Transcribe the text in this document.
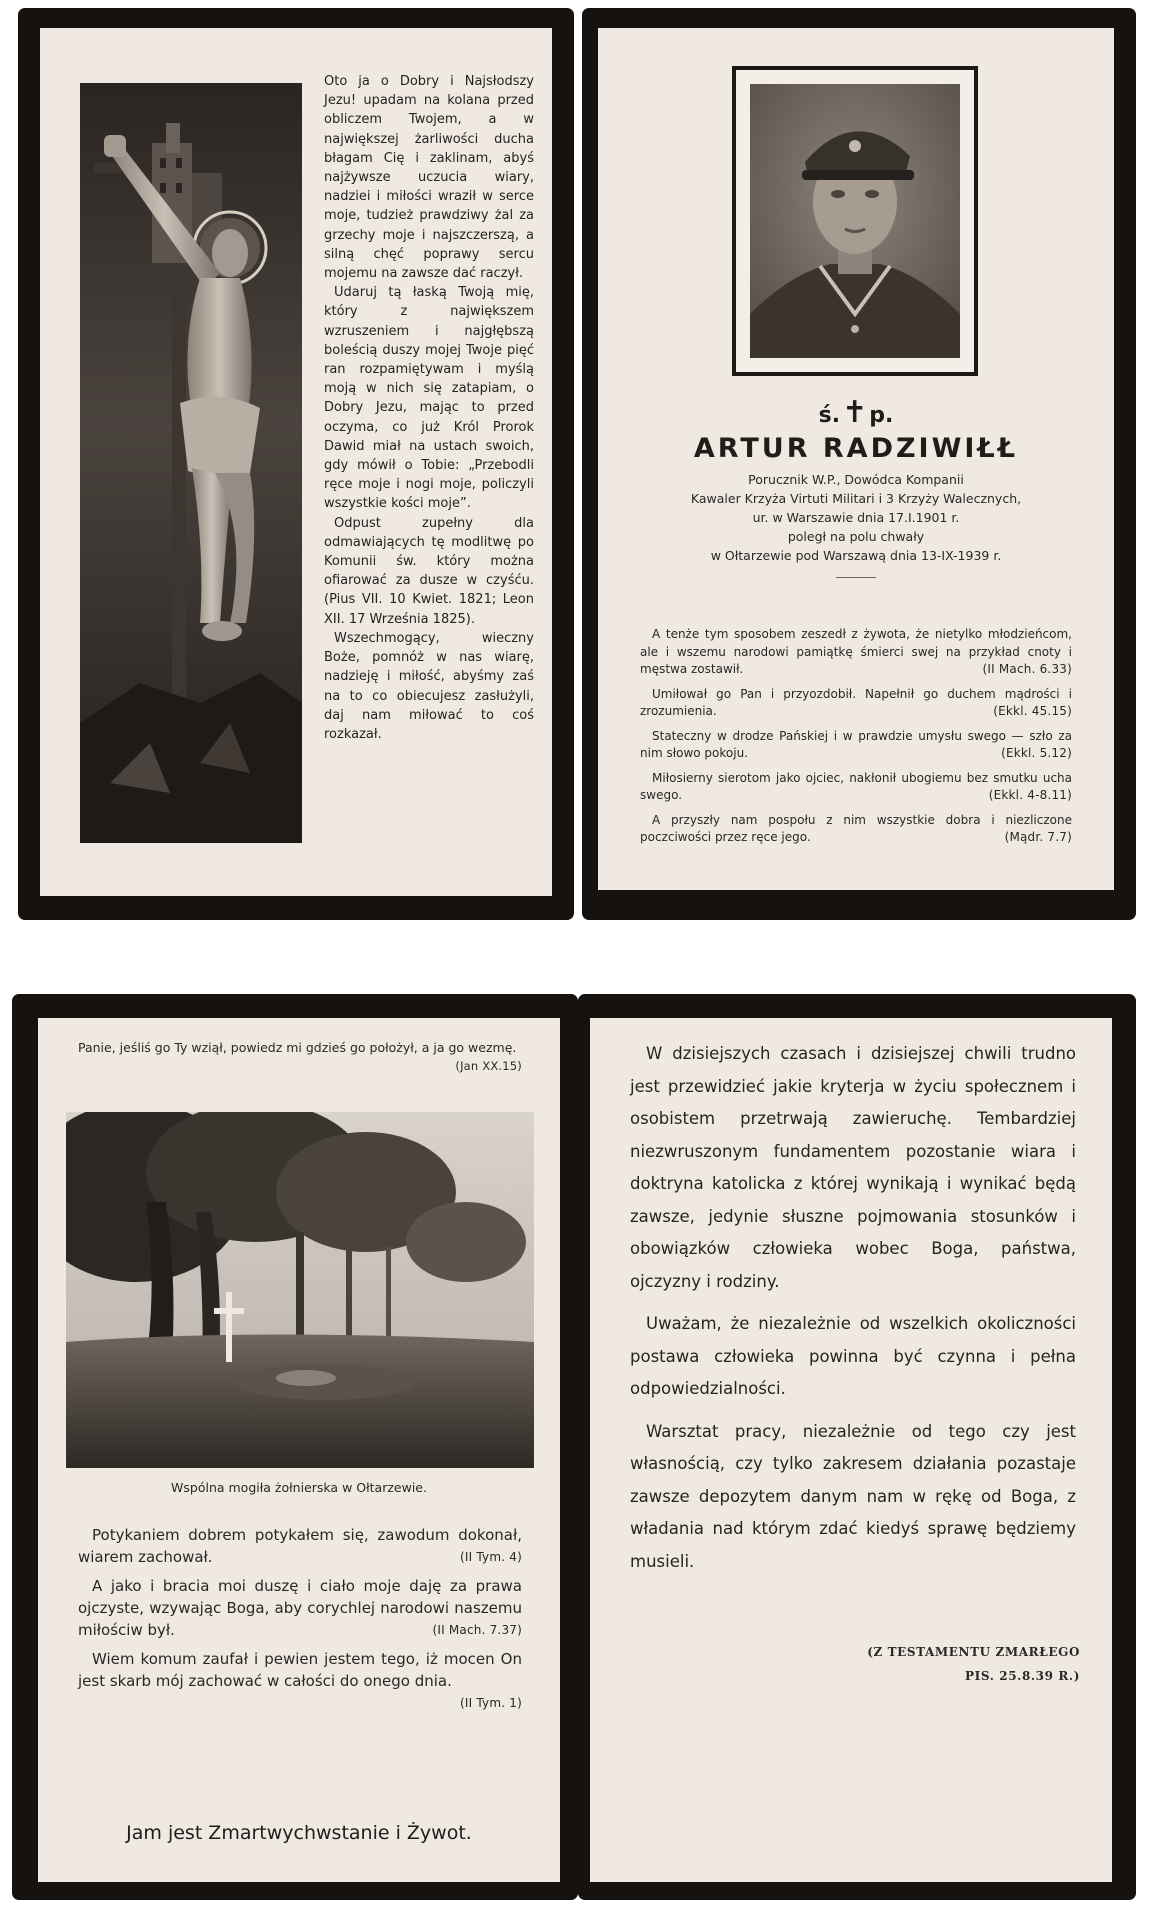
Oto ja o Dobry i Najsłodszy Jezu! upadam na kolana przed obliczem Twojem, a w największej żarliwości ducha błagam Cię i zaklinam, abyś najżywsze uczucia wiary, nadziei i miłości wraził w serce moje, tudzież prawdziwy żal za grzechy moje i najszczerszą, a silną chęć poprawy sercu mojemu na zawsze dać raczył.

Udaruj tą łaską Twoją mię, który z największem wzruszeniem i najgłębszą boleścią duszy mojej Twoje pięć ran rozpamiętywam i myślą moją w nich się zatapiam, o Dobry Jezu, mając to przed oczyma, co już Król Prorok Dawid miał na ustach swoich, gdy mówił o Tobie: „Przebodli ręce moje i nogi moje, policzyli wszystkie kości moje”.

Odpust zupełny dla odmawiających tę modlitwę po Komunii św. który można ofiarować za dusze w czyśću. (Pius VII. 10 Kwiet. 1821; Leon XII. 17 Września 1825).

Wszechmogący, wieczny Boże, pomnóż w nas wiarę, nadzieję i miłość, abyśmy zaś na to co obiecujesz zasłużyli, daj nam miłować to coś rozkazał.

ś.✝p.
ARTUR RADZIWIŁŁ
Porucznik W.P., Dowódca Kompanii
Kawaler Krzyża Virtuti Militari i 3 Krzyży Walecznych,
ur. w Warszawie dnia 17.I.1901 r.
poległ na polu chwały
w Ołtarzewie pod Warszawą dnia 13-IX-1939 r.

A tenże tym sposobem zeszedł z żywota, że nietylko młodzieńcom, ale i wszemu narodowi pamiątkę śmierci swej na przykład cnoty i męstwa zostawił.	(II Mach. 6.33)

Umiłował go Pan i przyozdobił. Napełnił go duchem mądrości i zrozumienia.	(Ekkl. 45.15)

Stateczny w drodze Pańskiej i w prawdzie umysłu swego — szło za nim słowo pokoju.	(Ekkl. 5.12)

Miłosierny sierotom jako ojciec, nakłonił ubogiemu bez smutku ucha swego.	(Ekkl. 4-8.11)

A przyszły nam pospołu z nim wszystkie dobra i niezliczone poczciwości przez ręce jego.	(Mądr. 7.7)

Panie, jeśliś go Ty wziął, powiedz mi gdzieś go położył, a ja go wezmę.
(Jan XX.15)
Wspólna mogiła żołnierska w Ołtarzewie.

Potykaniem dobrem potykałem się, zawodum dokonał, wiarem zachował.	(II Tym. 4)

A jako i bracia moi duszę i ciało moje daję za prawa ojczyste, wzywając Boga, aby corychlej narodowi naszemu miłościw był.	(II Mach. 7.37)

Wiem komum zaufał i pewien jestem tego, iż mocen On jest skarb mój zachować w całości do onego dnia.
(II Tym. 1)

Jam jest Zmartwychwstanie i Żywot.

W dzisiejszych czasach i dzisiejszej chwili trudno jest przewidzieć jakie kryterja w życiu społecznem i osobistem przetrwają zawieruchę. Tembardziej niezwruszonym fundamentem pozostanie wiara i doktryna katolicka z której wynikają i wynikać będą zawsze, jedynie słuszne pojmowania stosunków i obowiązków człowieka wobec Boga, państwa, ojczyzny i rodziny.

Uważam, że niezależnie od wszelkich okoliczności postawa człowieka powinna być czynna i pełna odpowiedzialności.

Warsztat pracy, niezależnie od tego czy jest własnością, czy tylko zakresem działania pozastaje zawsze depozytem danym nam w rękę od Boga, z władania nad którym zdać kiedyś sprawę będziemy musieli.

(Z TESTAMENTU ZMARŁEGO
PIS. 25.8.39 R.)
